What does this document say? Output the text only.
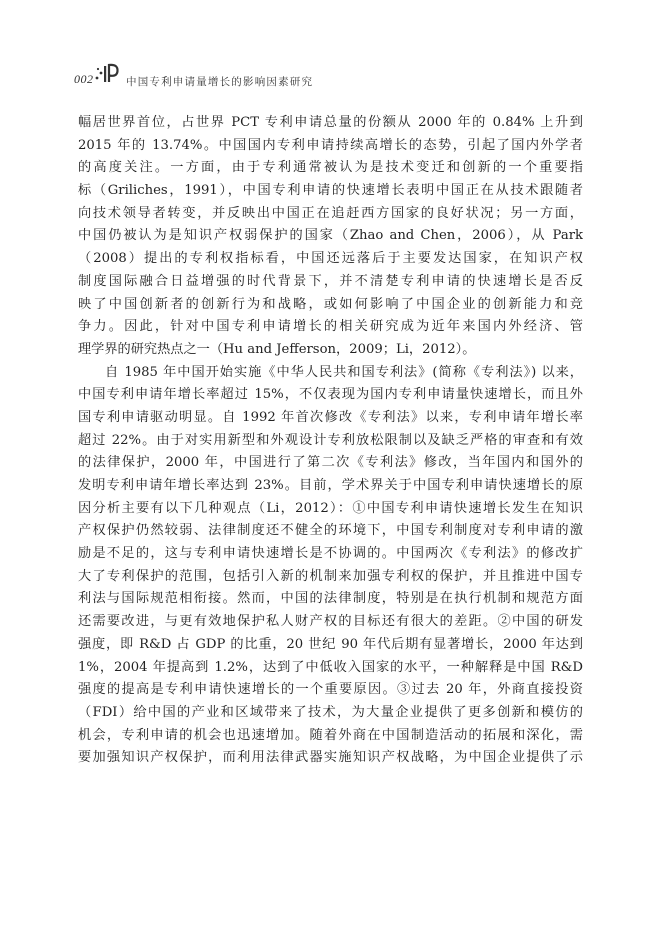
002	中国专利申请量增长的影响因素研究
幅居世界首位，占世界 PCT 专利申请总量的份额从 2000 年的 0.84% 上升到
2015 年的 13.74%。中国国内专利申请持续高增长的态势，引起了国内外学者
的高度关注。一方面，由于专利通常被认为是技术变迁和创新的一个重要指
标（Griliches，1991），中国专利申请的快速增长表明中国正在从技术跟随者
向技术领导者转变，并反映出中国正在追赶西方国家的良好状况；另一方面，
中国仍被认为是知识产权弱保护的国家（Zhao and Chen，2006），从 Park
（2008）提出的专利权指标看，中国还远落后于主要发达国家，在知识产权
制度国际融合日益增强的时代背景下，并不清楚专利申请的快速增长是否反
映了中国创新者的创新行为和战略，或如何影响了中国企业的创新能力和竞
争力。因此，针对中国专利申请增长的相关研究成为近年来国内外经济、管
理学界的研究热点之一（Hu and Jefferson，2009；Li，2012）。
自 1985 年中国开始实施《中华人民共和国专利法》(简称《专利法》) 以来，
中国专利申请年增长率超过 15%，不仅表现为国内专利申请量快速增长，而且外
国专利申请驱动明显。自 1992 年首次修改《专利法》以来，专利申请年增长率
超过 22%。由于对实用新型和外观设计专利放松限制以及缺乏严格的审查和有效
的法律保护，2000 年，中国进行了第二次《专利法》修改，当年国内和国外的
发明专利申请年增长率达到 23%。目前，学术界关于中国专利申请快速增长的原
因分析主要有以下几种观点（Li，2012）：①中国专利申请快速增长发生在知识
产权保护仍然较弱、法律制度还不健全的环境下，中国专利制度对专利申请的激
励是不足的，这与专利申请快速增长是不协调的。中国两次《专利法》的修改扩
大了专利保护的范围，包括引入新的机制来加强专利权的保护，并且推进中国专
利法与国际规范相衔接。然而，中国的法律制度，特别是在执行机制和规范方面
还需要改进，与更有效地保护私人财产权的目标还有很大的差距。②中国的研发
强度，即 R&D 占 GDP 的比重，20 世纪 90 年代后期有显著增长，2000 年达到
1%，2004 年提高到 1.2%，达到了中低收入国家的水平，一种解释是中国 R&D
强度的提高是专利申请快速增长的一个重要原因。③过去 20 年，外商直接投资
（FDI）给中国的产业和区域带来了技术，为大量企业提供了更多创新和模仿的
机会，专利申请的机会也迅速增加。随着外商在中国制造活动的拓展和深化，需
要加强知识产权保护，而利用法律武器实施知识产权战略，为中国企业提供了示
